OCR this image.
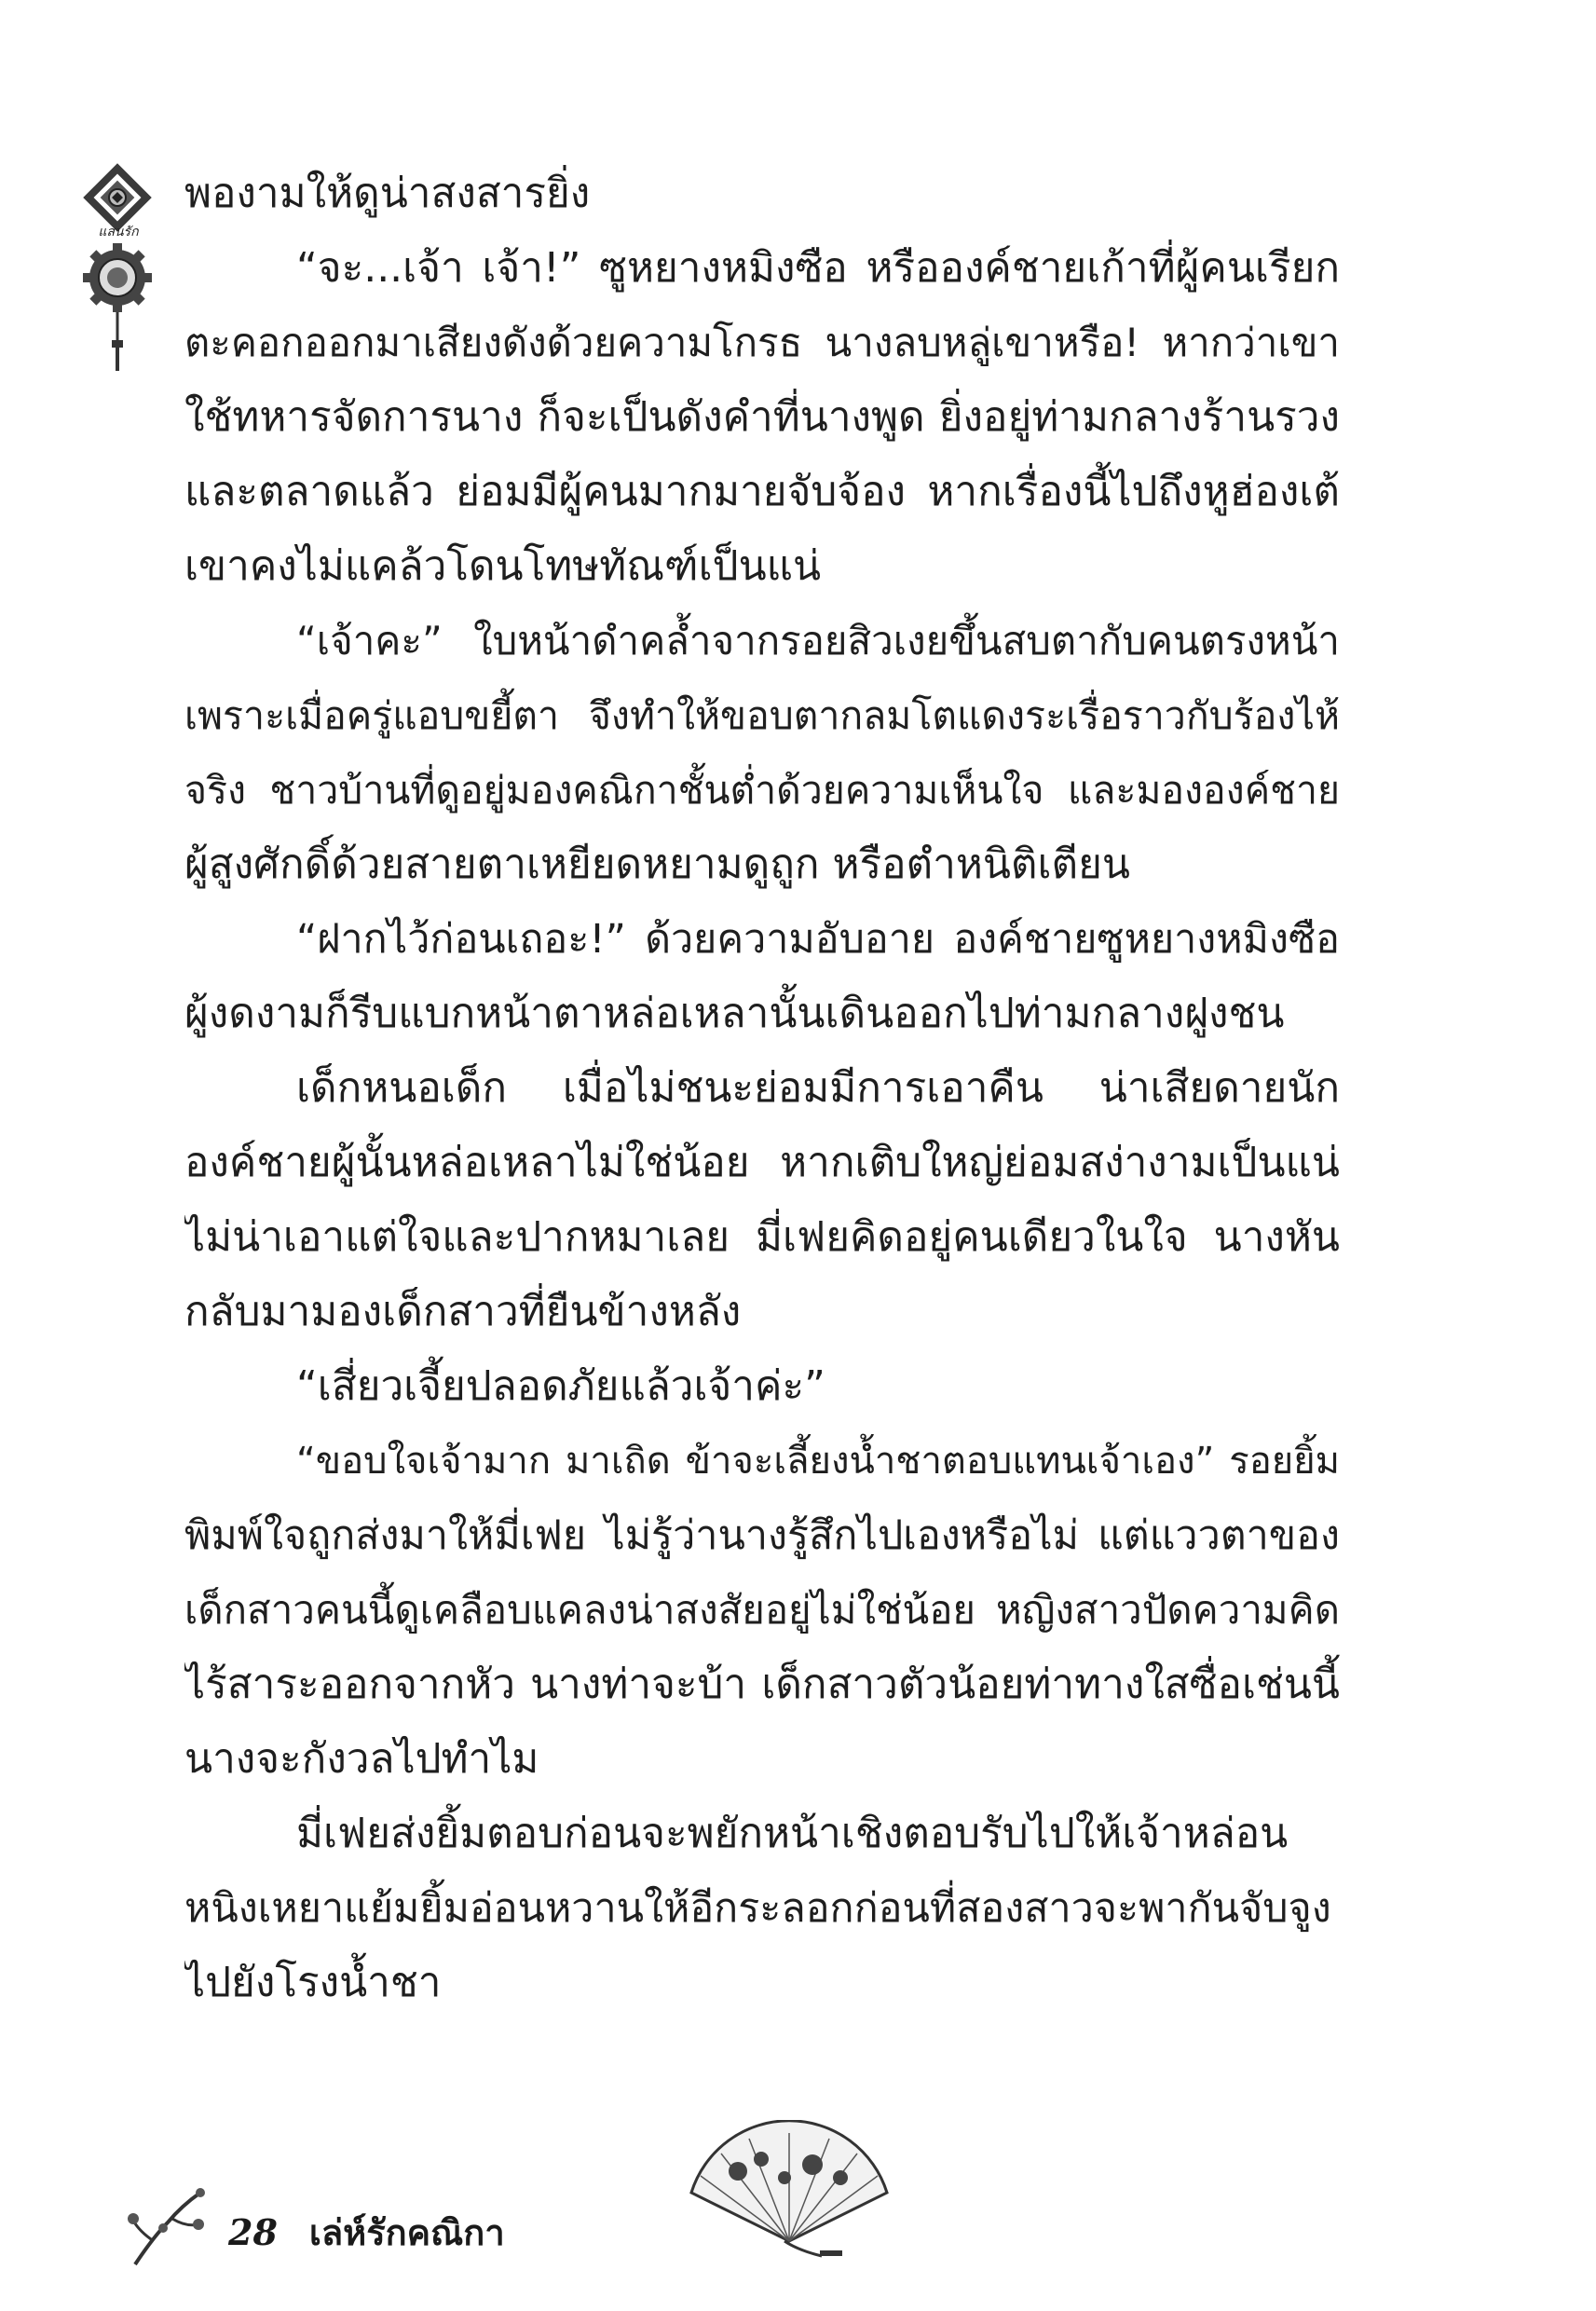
แสนรัก
พองามให้ดูน่าสงสารยิ่ง
“จะ...เจ้า เจ้า!” ซูหยางหมิงซือ หรือองค์ชายเก้าที่ผู้คนเรียก
ตะคอกออกมาเสียงดังด้วยความโกรธ นางลบหลู่เขาหรือ! หากว่าเขา
ใช้ทหารจัดการนาง ก็จะเป็นดังคำที่นางพูด ยิ่งอยู่ท่ามกลางร้านรวง
และตลาดแล้ว ย่อมมีผู้คนมากมายจับจ้อง หากเรื่องนี้ไปถึงหูฮ่องเต้
เขาคงไม่แคล้วโดนโทษทัณฑ์เป็นแน่
“เจ้าคะ” ใบหน้าดำคล้ำจากรอยสิวเงยขึ้นสบตากับคนตรงหน้า
เพราะเมื่อครู่แอบขยี้ตา จึงทำให้ขอบตากลมโตแดงระเรื่อราวกับร้องไห้
จริง ชาวบ้านที่ดูอยู่มองคณิกาชั้นต่ำด้วยความเห็นใจ และมององค์ชาย
ผู้สูงศักดิ์ด้วยสายตาเหยียดหยามดูถูก หรือตำหนิติเตียน
“ฝากไว้ก่อนเถอะ!” ด้วยความอับอาย องค์ชายซูหยางหมิงซือ
ผู้งดงามก็รีบแบกหน้าตาหล่อเหลานั้นเดินออกไปท่ามกลางฝูงชน
เด็กหนอเด็ก เมื่อไม่ชนะย่อมมีการเอาคืน น่าเสียดายนัก
องค์ชายผู้นั้นหล่อเหลาไม่ใช่น้อย หากเติบใหญ่ย่อมสง่างามเป็นแน่
ไม่น่าเอาแต่ใจและปากหมาเลย มี่เฟยคิดอยู่คนเดียวในใจ นางหัน
กลับมามองเด็กสาวที่ยืนข้างหลัง
“เสี่ยวเจี้ยปลอดภัยแล้วเจ้าค่ะ”
“ขอบใจเจ้ามาก มาเถิด ข้าจะเลี้ยงน้ำชาตอบแทนเจ้าเอง” รอยยิ้ม
พิมพ์ใจถูกส่งมาให้มี่เฟย ไม่รู้ว่านางรู้สึกไปเองหรือไม่ แต่แววตาของ
เด็กสาวคนนี้ดูเคลือบแคลงน่าสงสัยอยู่ไม่ใช่น้อย หญิงสาวปัดความคิด
ไร้สาระออกจากหัว นางท่าจะบ้า เด็กสาวตัวน้อยท่าทางใสซื่อเช่นนี้
นางจะกังวลไปทำไม
มี่เฟยส่งยิ้มตอบก่อนจะพยักหน้าเชิงตอบรับไปให้เจ้าหล่อน
หนิงเหยาแย้มยิ้มอ่อนหวานให้อีกระลอกก่อนที่สองสาวจะพากันจับจูง
ไปยังโรงน้ำชา
28 เล่ห์รักคณิกา
